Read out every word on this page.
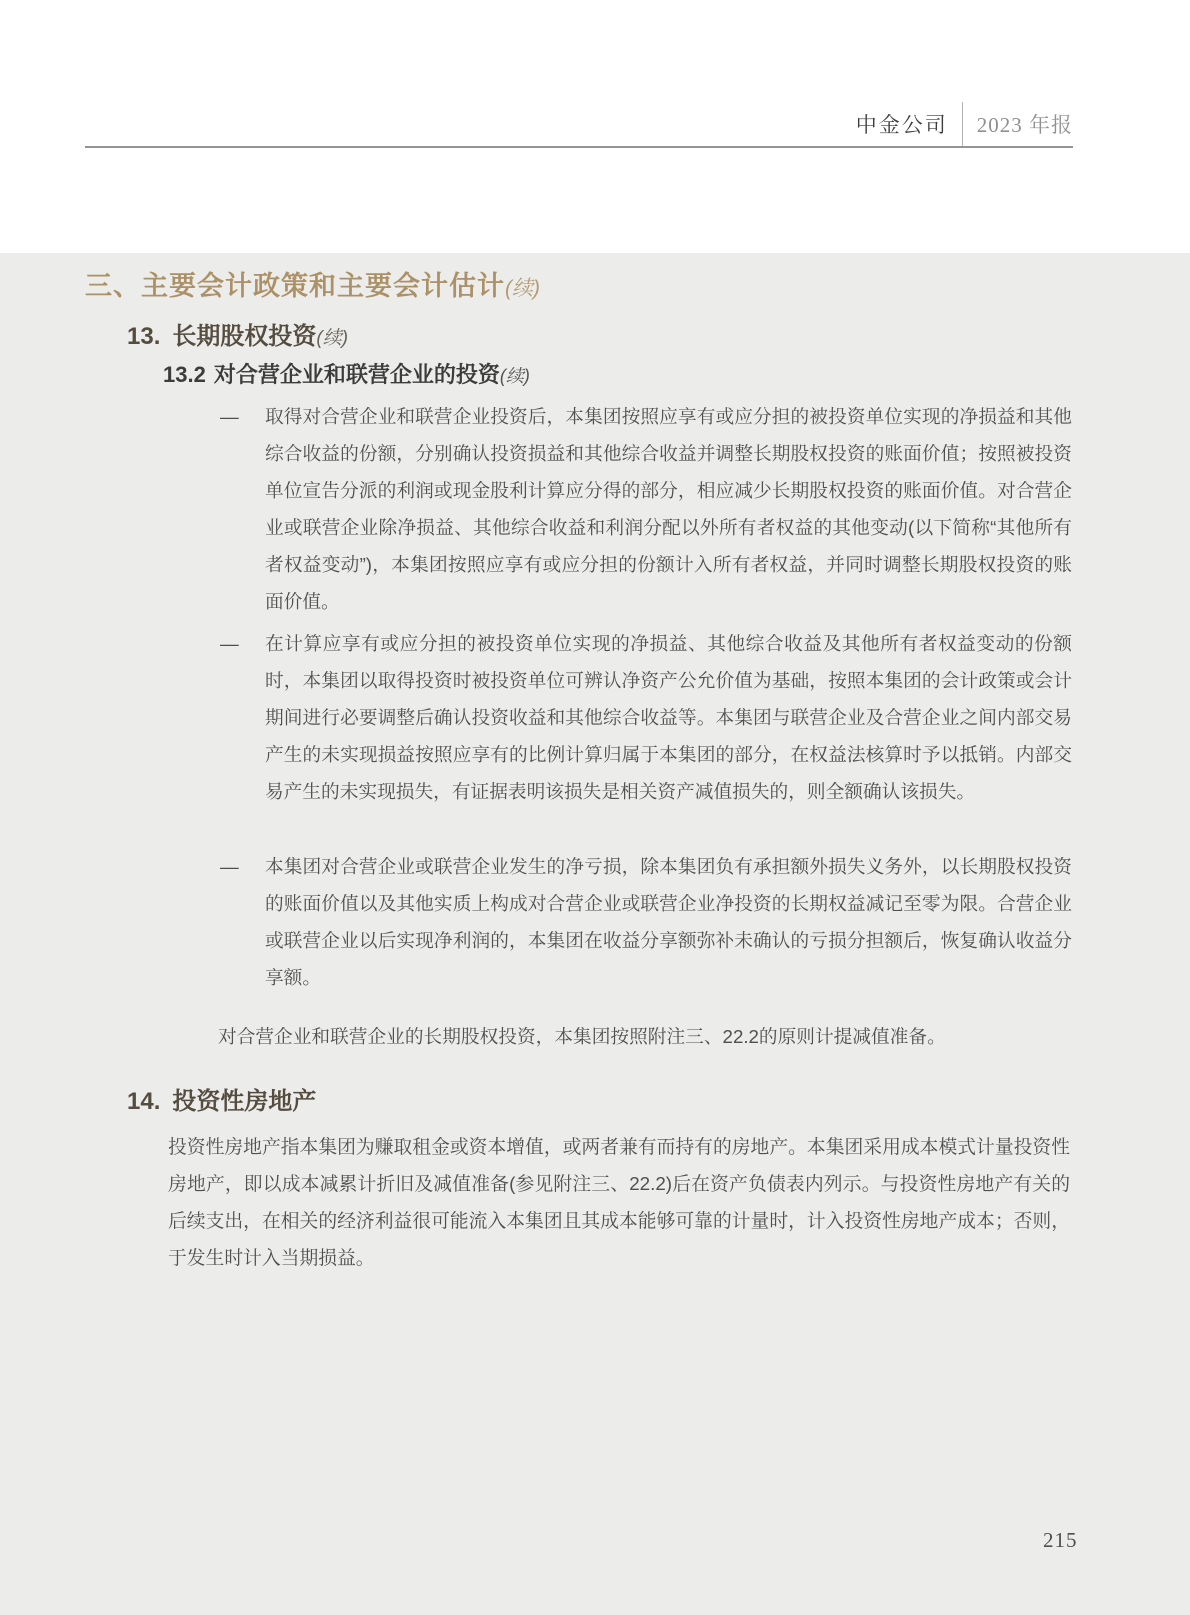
中金公司 2023 年报
三、主要会计政策和主要会计估计(续)
13. 长期股权投资(续)
13.2 对合营企业和联营企业的投资(续)
—	取得对合营企业和联营企业投资后，本集团按照应享有或应分担的被投资单位实现的净损益和其他综合收益的份额，分别确认投资损益和其他综合收益并调整长期股权投资的账面价值；按照被投资单位宣告分派的利润或现金股利计算应分得的部分，相应减少长期股权投资的账面价值。对合营企业或联营企业除净损益、其他综合收益和利润分配以外所有者权益的其他变动(以下简称“其他所有者权益变动”)，本集团按照应享有或应分担的份额计入所有者权益，并同时调整长期股权投资的账面价值。
—	在计算应享有或应分担的被投资单位实现的净损益、其他综合收益及其他所有者权益变动的份额时，本集团以取得投资时被投资单位可辨认净资产公允价值为基础，按照本集团的会计政策或会计期间进行必要调整后确认投资收益和其他综合收益等。本集团与联营企业及合营企业之间内部交易产生的未实现损益按照应享有的比例计算归属于本集团的部分，在权益法核算时予以抵销。内部交易产生的未实现损失，有证据表明该损失是相关资产减值损失的，则全额确认该损失。
—	本集团对合营企业或联营企业发生的净亏损，除本集团负有承担额外损失义务外，以长期股权投资的账面价值以及其他实质上构成对合营企业或联营企业净投资的长期权益减记至零为限。合营企业或联营企业以后实现净利润的，本集团在收益分享额弥补未确认的亏损分担额后，恢复确认收益分享额。
对合营企业和联营企业的长期股权投资，本集团按照附注三、22.2的原则计提减值准备。
14. 投资性房地产
投资性房地产指本集团为赚取租金或资本增值，或两者兼有而持有的房地产。本集团采用成本模式计量投资性房地产，即以成本减累计折旧及减值准备(参见附注三、22.2)后在资产负债表内列示。与投资性房地产有关的后续支出，在相关的经济利益很可能流入本集团且其成本能够可靠的计量时，计入投资性房地产成本；否则，于发生时计入当期损益。
215
